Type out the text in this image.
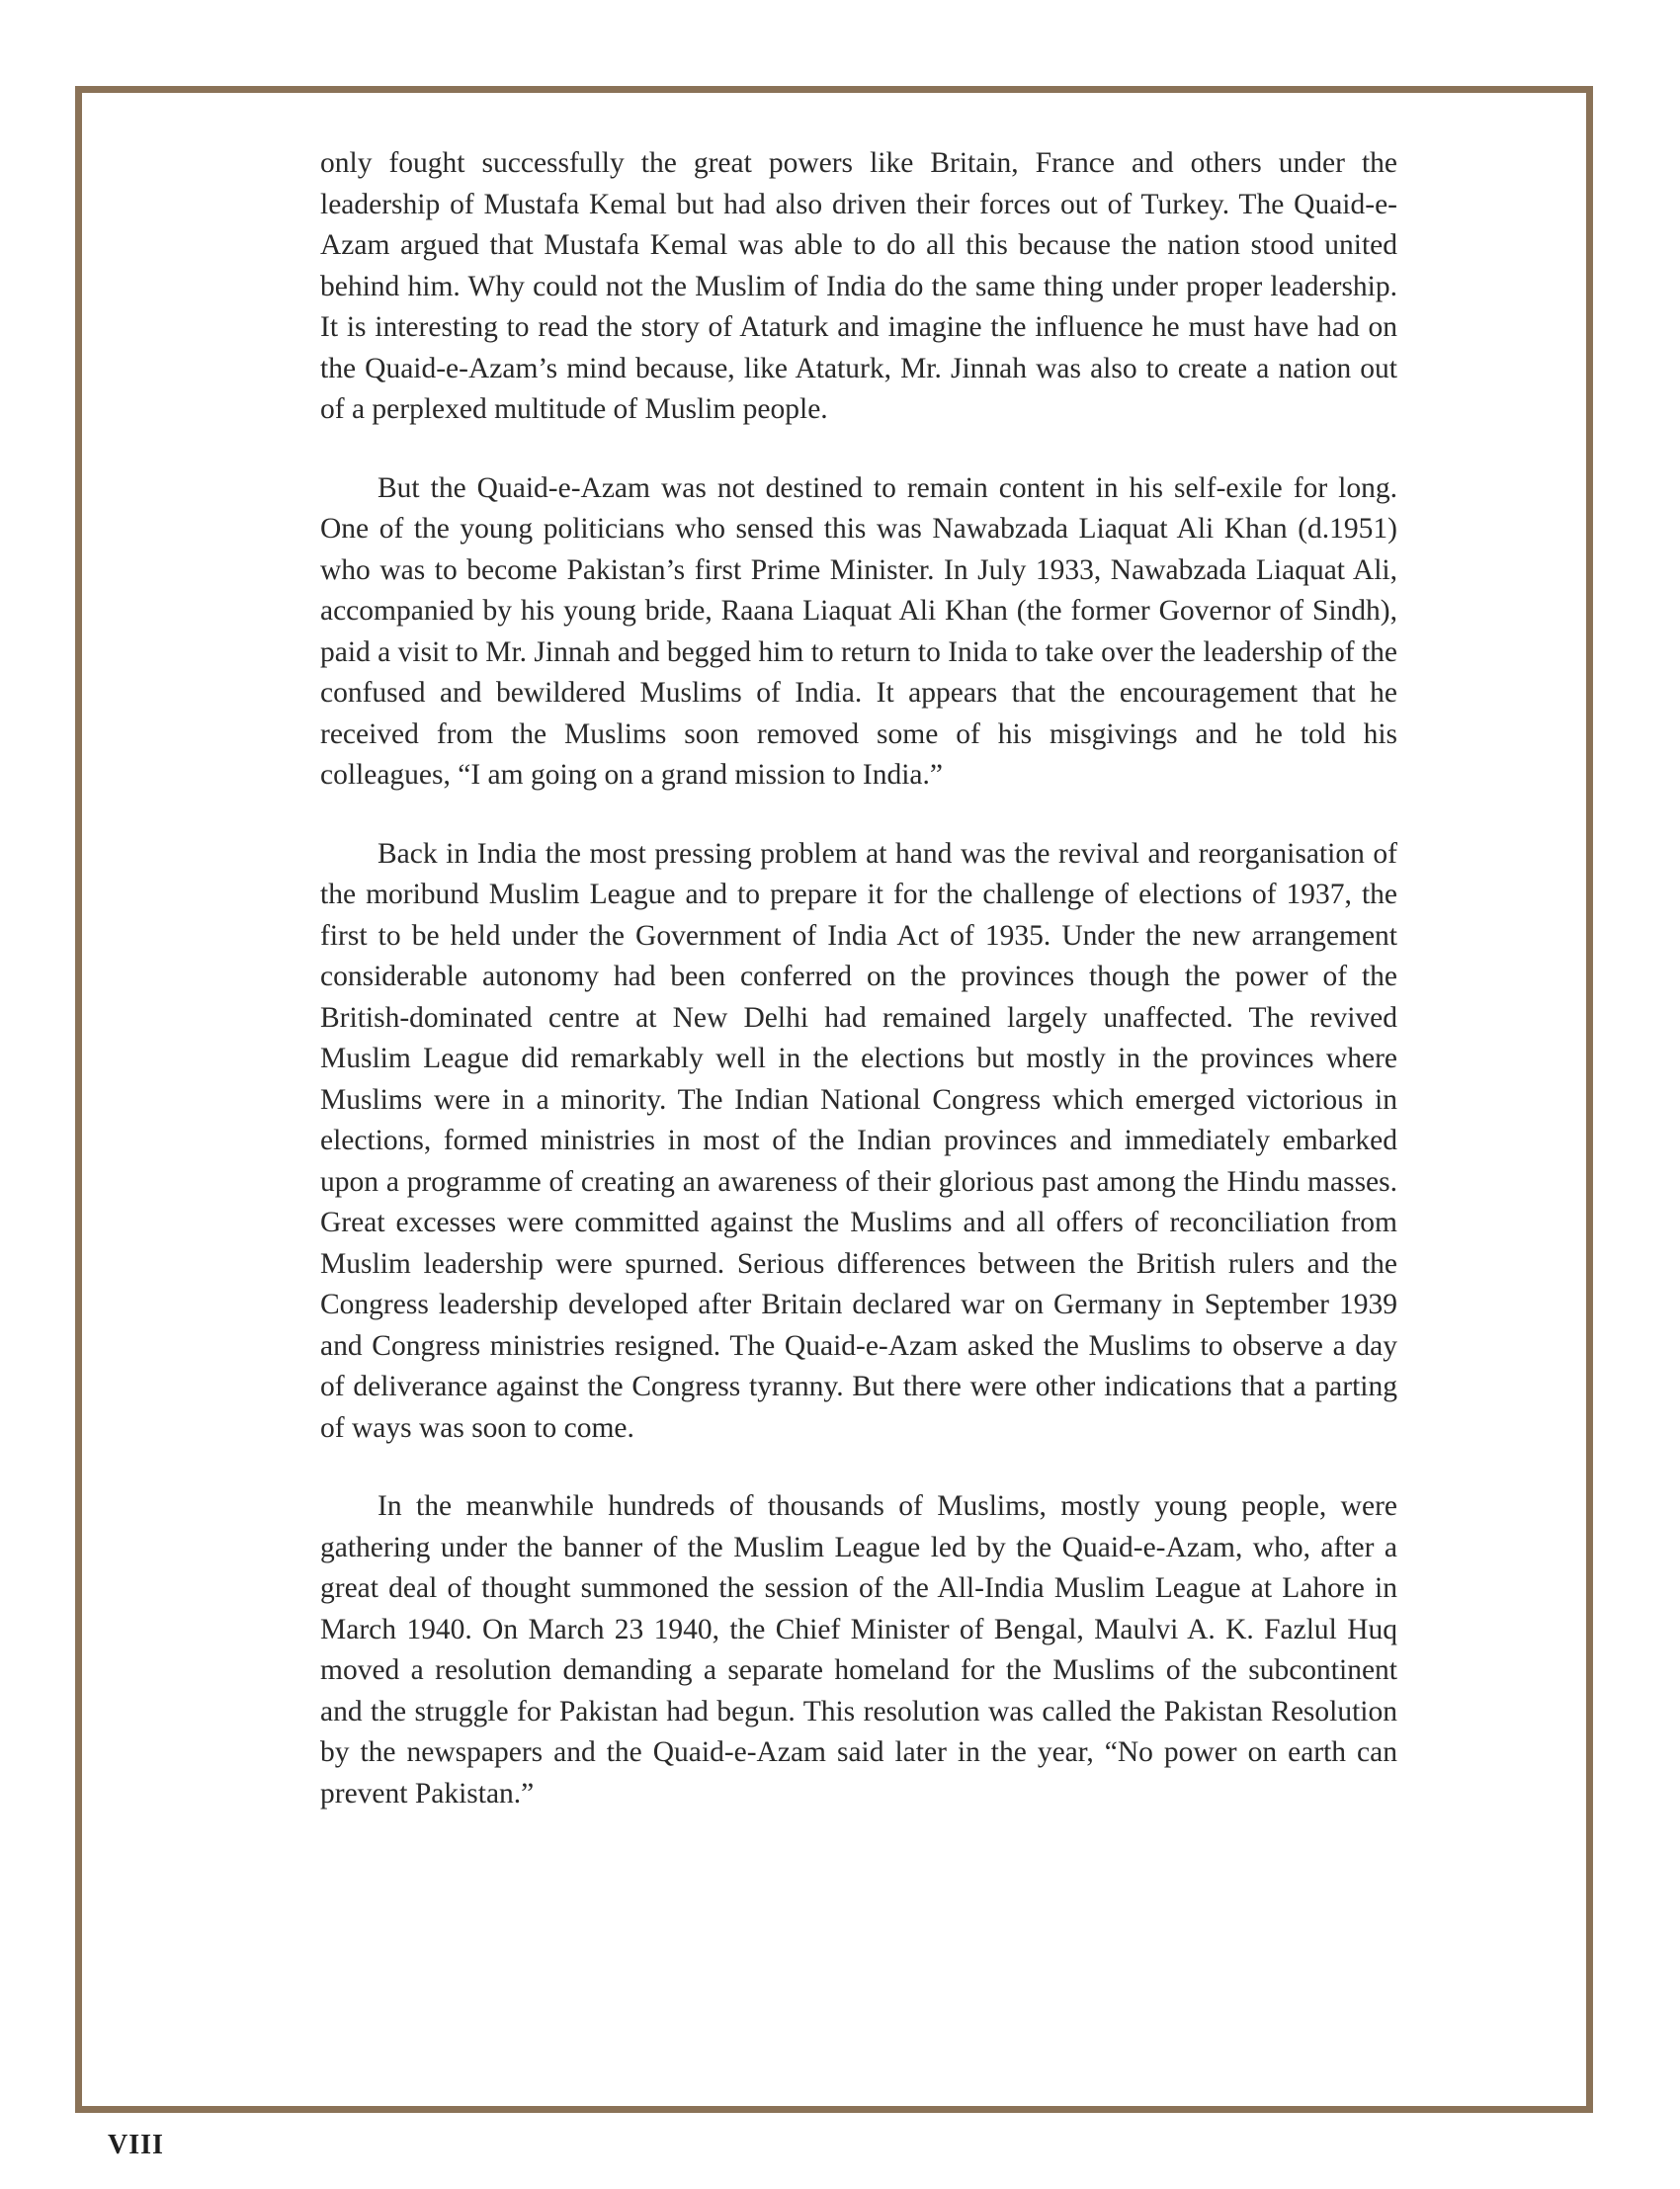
only fought successfully the great powers like Britain, France and others under the leadership of Mustafa Kemal but had also driven their forces out of Turkey. The Quaid-e-Azam argued that Mustafa Kemal was able to do all this because the nation stood united behind him. Why could not the Muslim of India do the same thing under proper leadership. It is interesting to read the story of Ataturk and imagine the influence he must have had on the Quaid-e-Azam’s mind because, like Ataturk, Mr. Jinnah was also to create a nation out of a perplexed multitude of Muslim people.

But the Quaid-e-Azam was not destined to remain content in his self-exile for long. One of the young politicians who sensed this was Nawabzada Liaquat Ali Khan (d.1951) who was to become Pakistan’s first Prime Minister. In July 1933, Nawabzada Liaquat Ali, accompanied by his young bride, Raana Liaquat Ali Khan (the former Governor of Sindh), paid a visit to Mr. Jinnah and begged him to return to Inida to take over the leadership of the confused and bewildered Muslims of India. It appears that the encouragement that he received from the Muslims soon removed some of his misgivings and he told his colleagues, “I am going on a grand mission to India.”

Back in India the most pressing problem at hand was the revival and reorganisation of the moribund Muslim League and to prepare it for the challenge of elections of 1937, the first to be held under the Government of India Act of 1935. Under the new arrangement considerable autonomy had been conferred on the provinces though the power of the British-dominated centre at New Delhi had remained largely unaffected. The revived Muslim League did remarkably well in the elections but mostly in the provinces where Muslims were in a minority. The Indian National Congress which emerged victorious in elections, formed ministries in most of the Indian provinces and immediately embarked upon a programme of creating an awareness of their glorious past among the Hindu masses. Great excesses were committed against the Muslims and all offers of reconciliation from Muslim leadership were spurned. Serious differences between the British rulers and the Congress leadership developed after Britain declared war on Germany in September 1939 and Congress ministries resigned. The Quaid-e-Azam asked the Muslims to observe a day of deliverance against the Congress tyranny. But there were other indications that a parting of ways was soon to come.

In the meanwhile hundreds of thousands of Muslims, mostly young people, were gathering under the banner of the Muslim League led by the Quaid-e-Azam, who, after a great deal of thought summoned the session of the All-India Muslim League at Lahore in March 1940. On March 23 1940, the Chief Minister of Bengal, Maulvi A. K. Fazlul Huq moved a resolution demanding a separate homeland for the Muslims of the subcontinent and the struggle for Pakistan had begun. This resolution was called the Pakistan Resolution by the newspapers and the Quaid-e-Azam said later in the year, “No power on earth can prevent Pakistan.”

VIII
